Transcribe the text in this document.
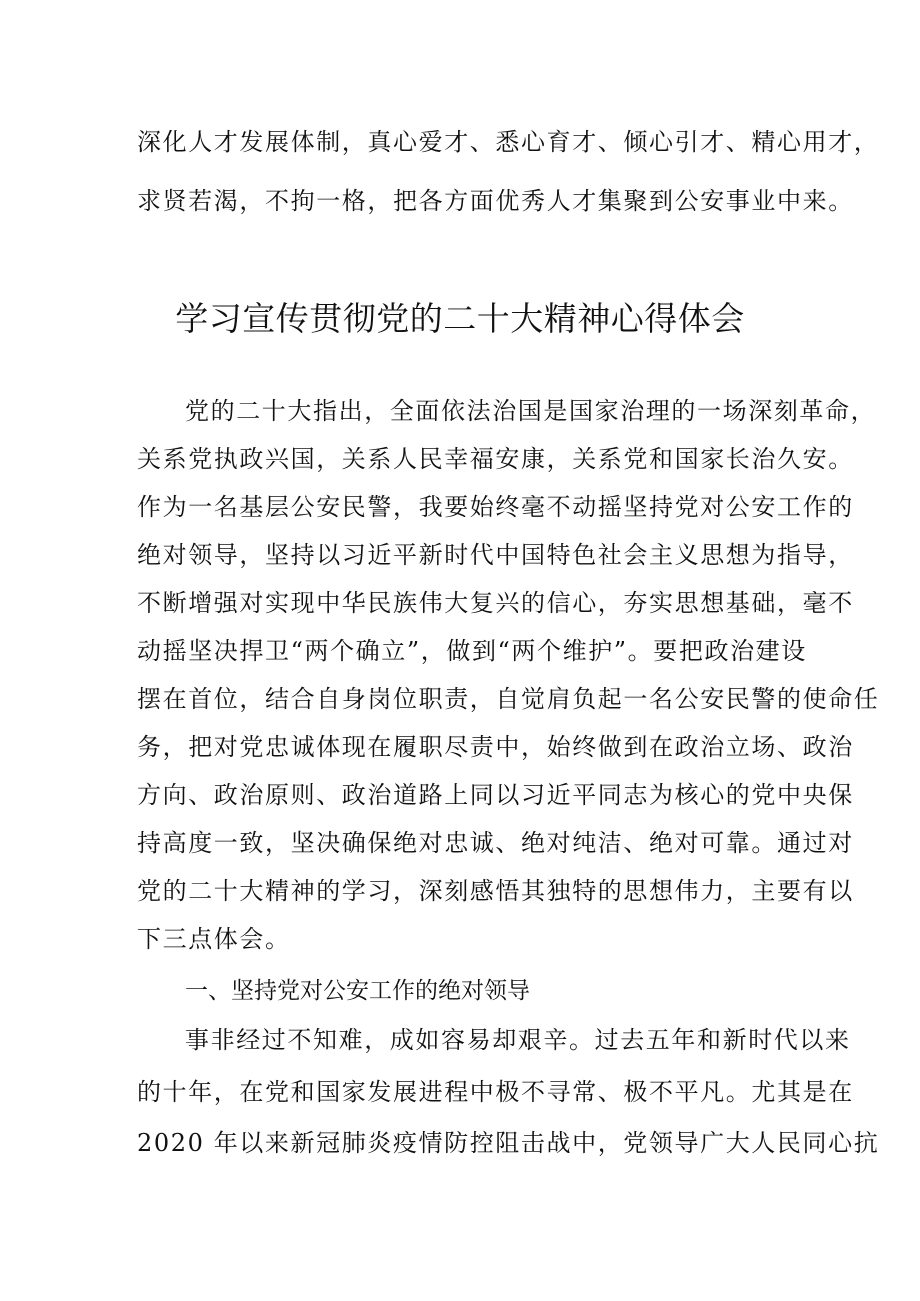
深化人才发展体制，真心爱才、悉心育才、倾心引才、精心用才，
求贤若渴，不拘一格，把各方面优秀人才集聚到公安事业中来。
学习宣传贯彻党的二十大精神心得体会
党的二十大指出，全面依法治国是国家治理的一场深刻革命，
关系党执政兴国，关系人民幸福安康，关系党和国家长治久安。
作为一名基层公安民警，我要始终毫不动摇坚持党对公安工作的
绝对领导，坚持以习近平新时代中国特色社会主义思想为指导，
不断增强对实现中华民族伟大复兴的信心，夯实思想基础，毫不
动摇坚决捍卫“两个确立”，做到“两个维护”。要把政治建设
摆在首位，结合自身岗位职责，自觉肩负起一名公安民警的使命任
务，把对党忠诚体现在履职尽责中，始终做到在政治立场、政治
方向、政治原则、政治道路上同以习近平同志为核心的党中央保
持高度一致，坚决确保绝对忠诚、绝对纯洁、绝对可靠。通过对
党的二十大精神的学习，深刻感悟其独特的思想伟力，主要有以
下三点体会。
一、坚持党对公安工作的绝对领导
事非经过不知难，成如容易却艰辛。过去五年和新时代以来
的十年，在党和国家发展进程中极不寻常、极不平凡。尤其是在
2020 年以来新冠肺炎疫情防控阻击战中，党领导广大人民同心抗
